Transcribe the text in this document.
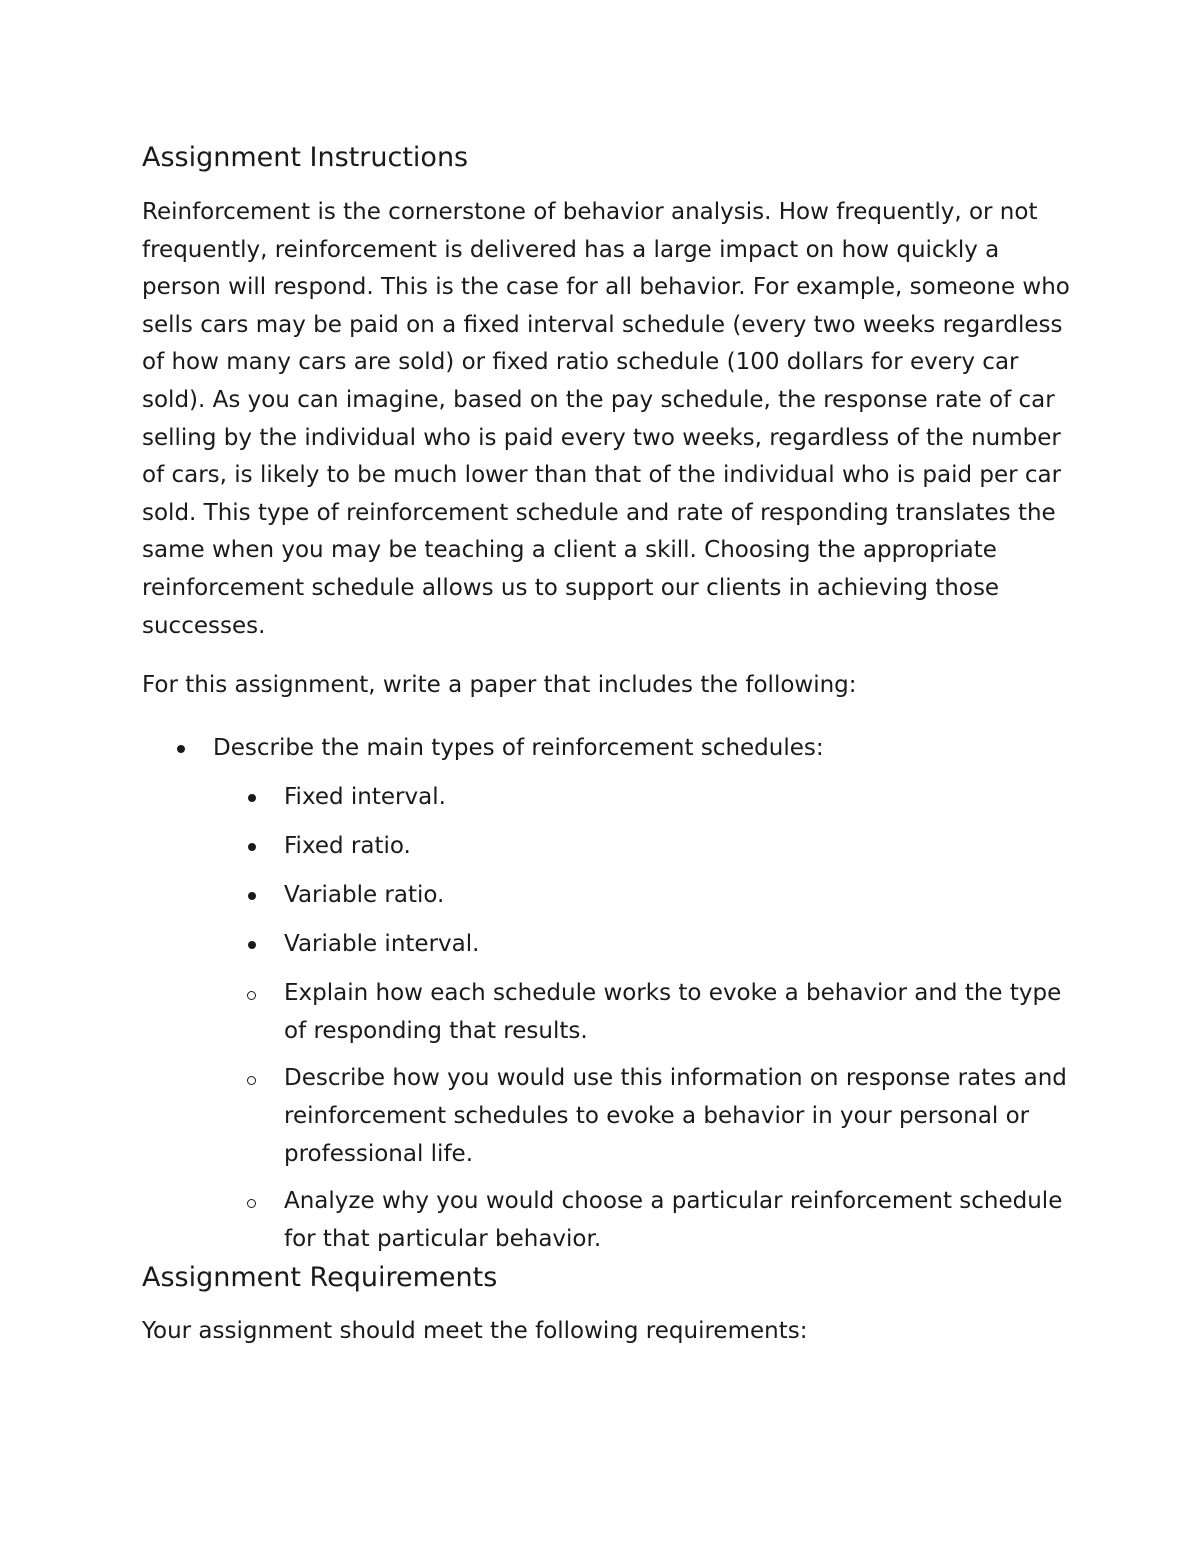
Assignment Instructions

Reinforcement is the cornerstone of behavior analysis. How frequently, or not frequently, reinforcement is delivered has a large impact on how quickly a person will respond. This is the case for all behavior. For example, someone who sells cars may be paid on a fixed interval schedule (every two weeks regardless of how many cars are sold) or fixed ratio schedule (100 dollars for every car sold). As you can imagine, based on the pay schedule, the response rate of car selling by the individual who is paid every two weeks, regardless of the number of cars, is likely to be much lower than that of the individual who is paid per car sold. This type of reinforcement schedule and rate of responding translates the same when you may be teaching a client a skill. Choosing the appropriate reinforcement schedule allows us to support our clients in achieving those successes.

For this assignment, write a paper that includes the following:

Describe the main types of reinforcement schedules:
Fixed interval.
Fixed ratio.
Variable ratio.
Variable interval.
Explain how each schedule works to evoke a behavior and the type of responding that results.
Describe how you would use this information on response rates and reinforcement schedules to evoke a behavior in your personal or professional life.
Analyze why you would choose a particular reinforcement schedule for that particular behavior.
Assignment Requirements

Your assignment should meet the following requirements:
